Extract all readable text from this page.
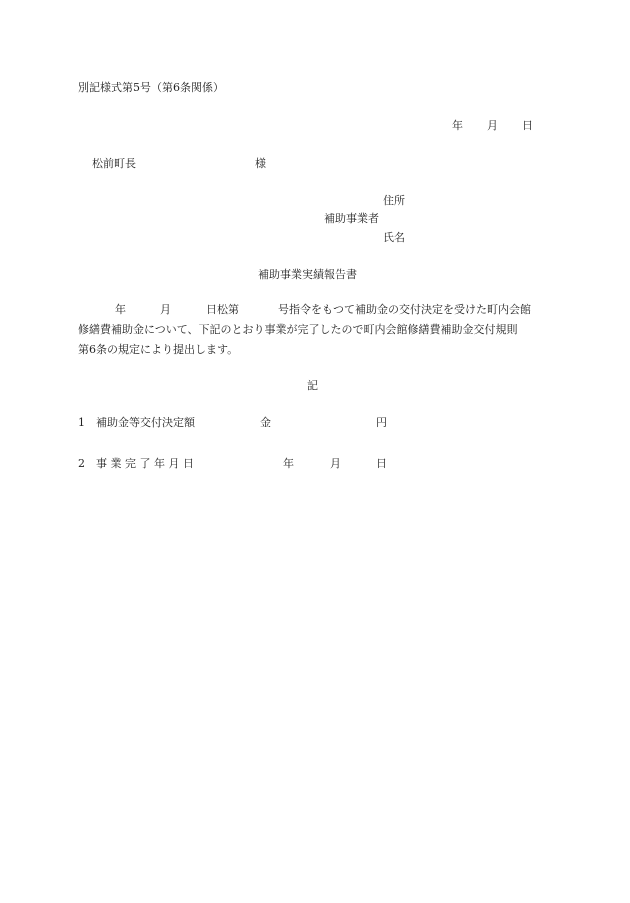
別記様式第5号（第6条関係）
年 月 日
松前町長	様
住所
補助事業者
氏名
補助事業実績報告書
年	月	日松第	号指令をもつて補助金の交付決定を受けた町内会館
修繕費補助金について、下記のとおり事業が完了したので町内会館修繕費補助金交付規則
第6条の規定により提出します。
記
1 補助金等交付決定額	金	円
2 事 業 完 了 年 月 日	年	月	日
